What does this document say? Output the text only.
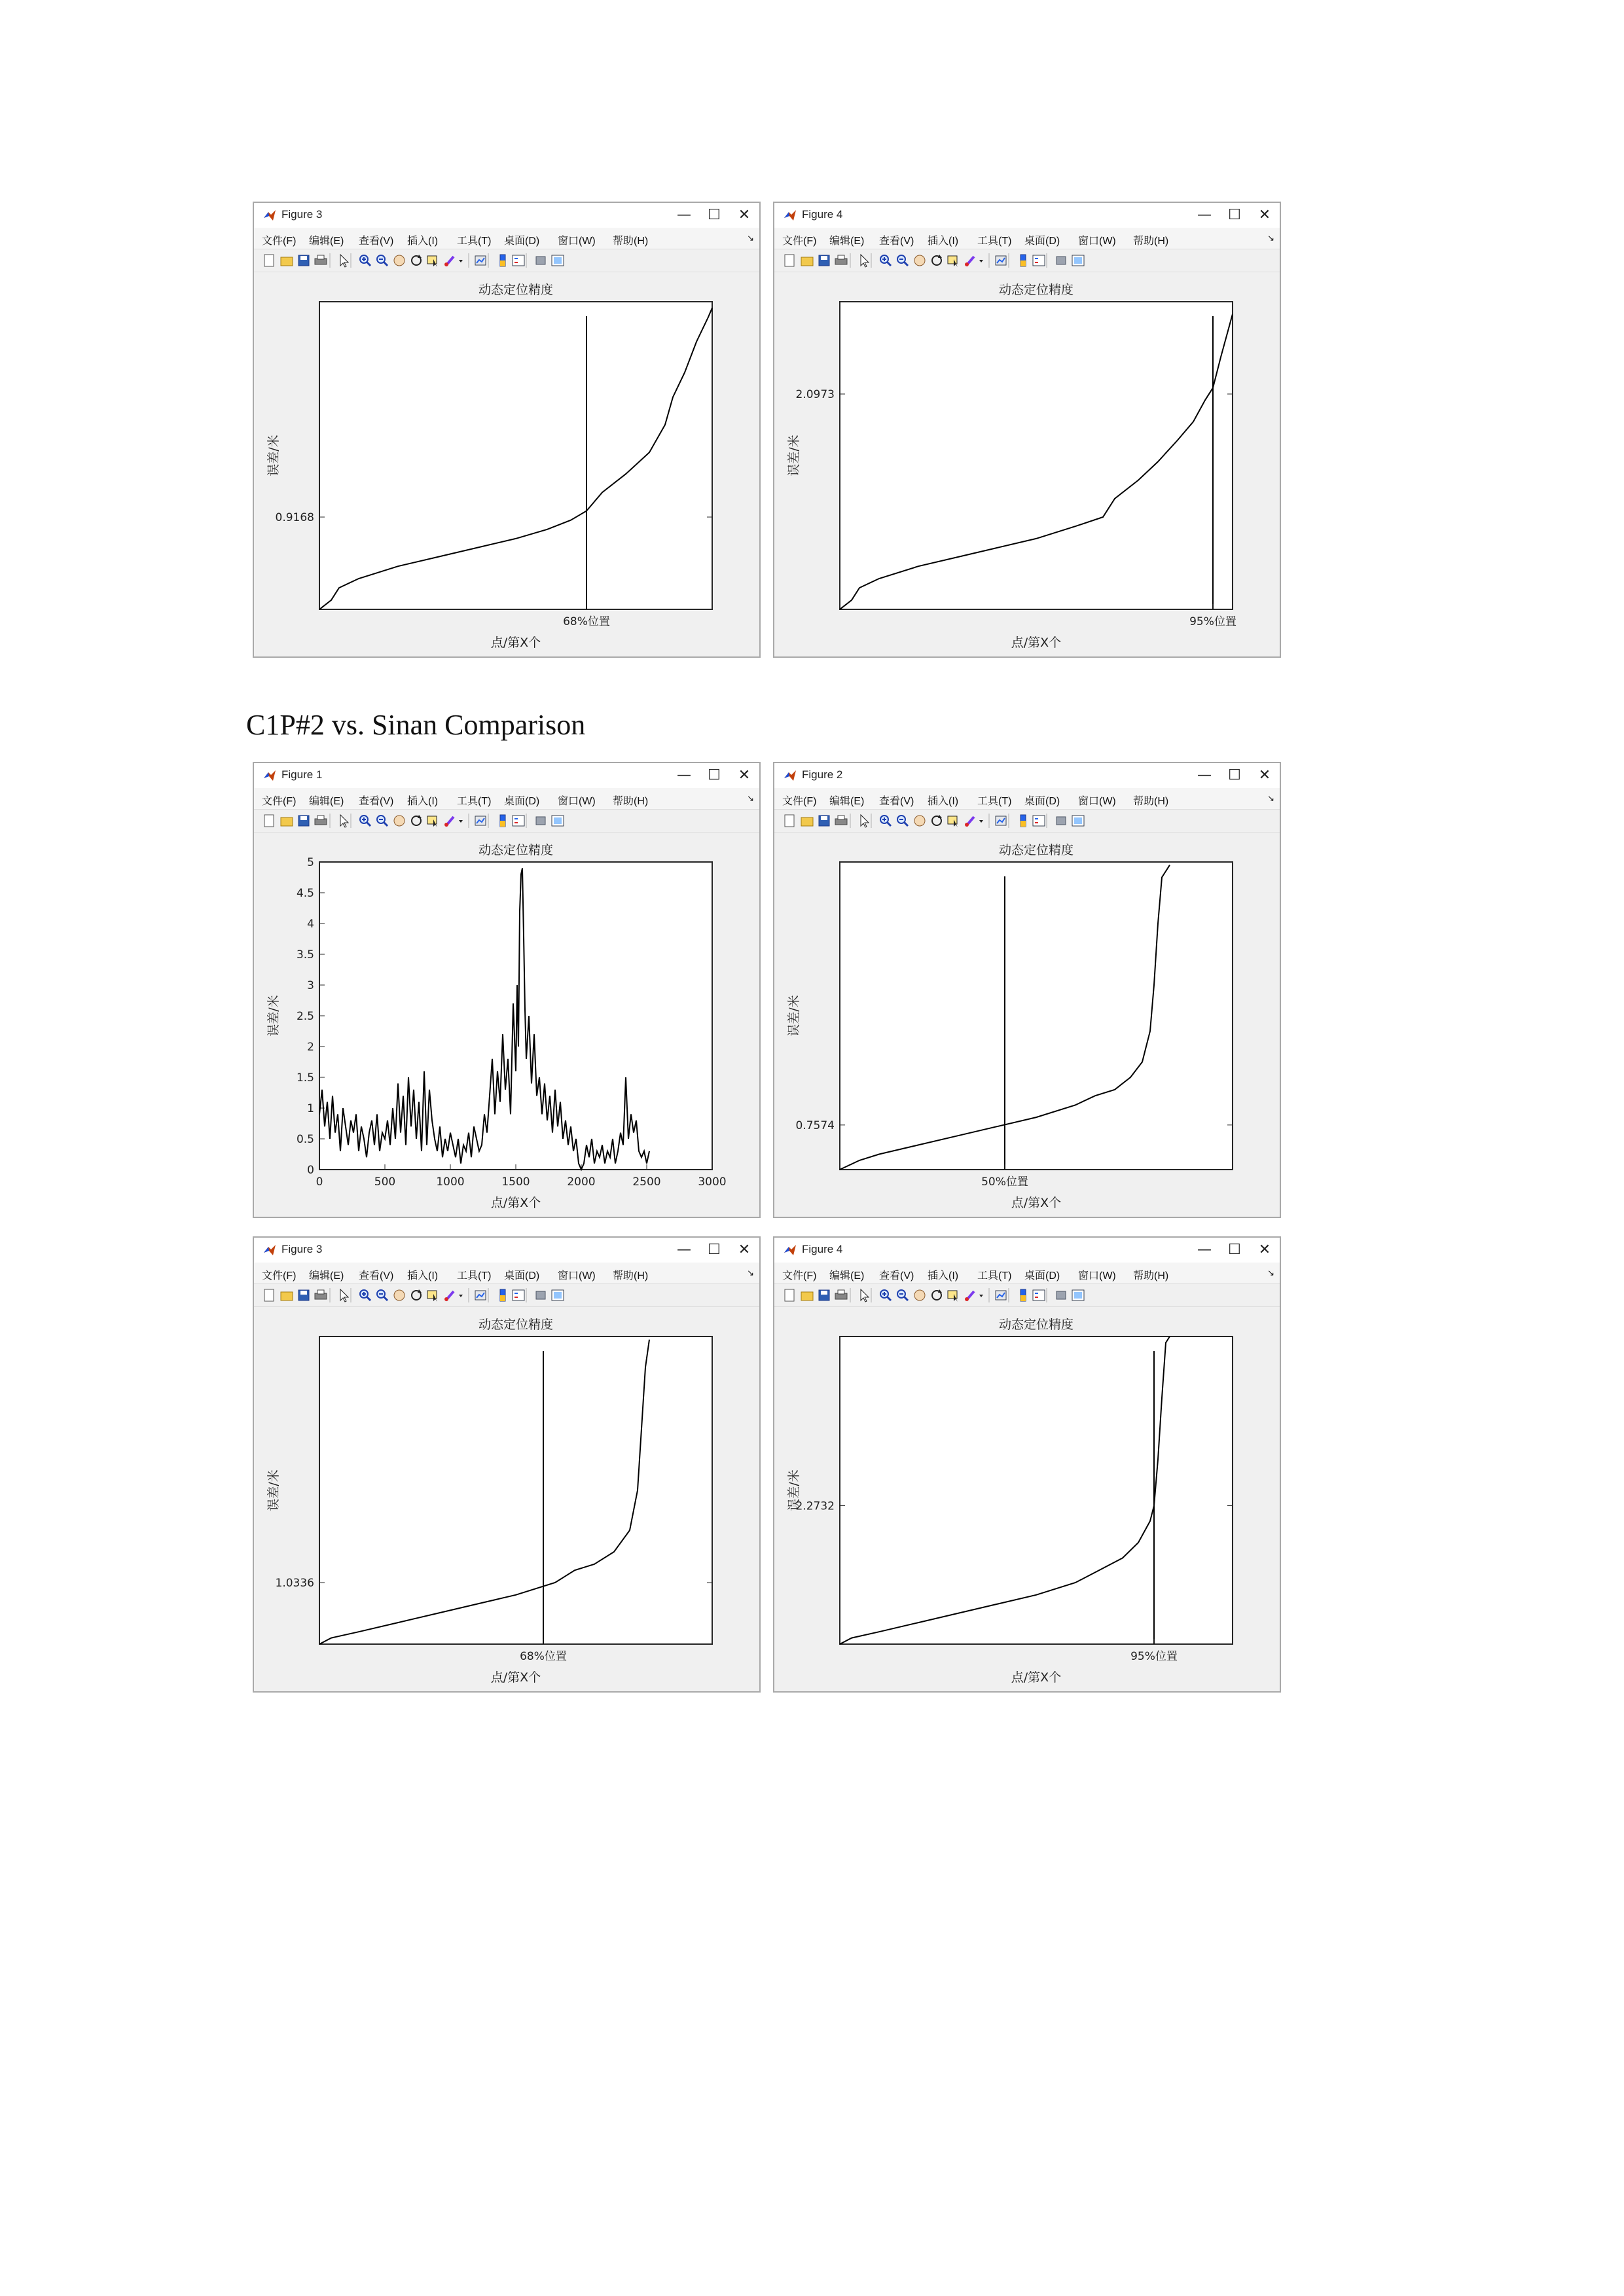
C1P#2 vs. Sinan Comparison
Figure 3	—	☐	✕
文件(F) 编辑(E) 查看(V) 插入(I) 工具(T) 桌面(D) 窗口(W) 帮助(H)	↘
动态定位精度
点/第X个
误差/米
68%位置
0.9168
Figure 4	—	☐	✕
文件(F) 编辑(E) 查看(V) 插入(I) 工具(T) 桌面(D) 窗口(W) 帮助(H)	↘
动态定位精度
点/第X个
误差/米
95%位置
2.0973
Figure 1	—	☐	✕
文件(F) 编辑(E) 查看(V) 插入(I) 工具(T) 桌面(D) 窗口(W) 帮助(H)	↘
动态定位精度
点/第X个
误差/米
0	500	1000	1500	2000	2500	3000
0
0.5
1
1.5
2
2.5
3
3.5
4
4.5
5
Figure 2	—	☐	✕
文件(F) 编辑(E) 查看(V) 插入(I) 工具(T) 桌面(D) 窗口(W) 帮助(H)	↘
动态定位精度
点/第X个
误差/米
50%位置
0.7574
Figure 3	—	☐	✕
文件(F) 编辑(E) 查看(V) 插入(I) 工具(T) 桌面(D) 窗口(W) 帮助(H)	↘
动态定位精度
点/第X个
误差/米
68%位置
1.0336
Figure 4	—	☐	✕
文件(F) 编辑(E) 查看(V) 插入(I) 工具(T) 桌面(D) 窗口(W) 帮助(H)	↘
动态定位精度
点/第X个
误差/米
95%位置
2.2732
